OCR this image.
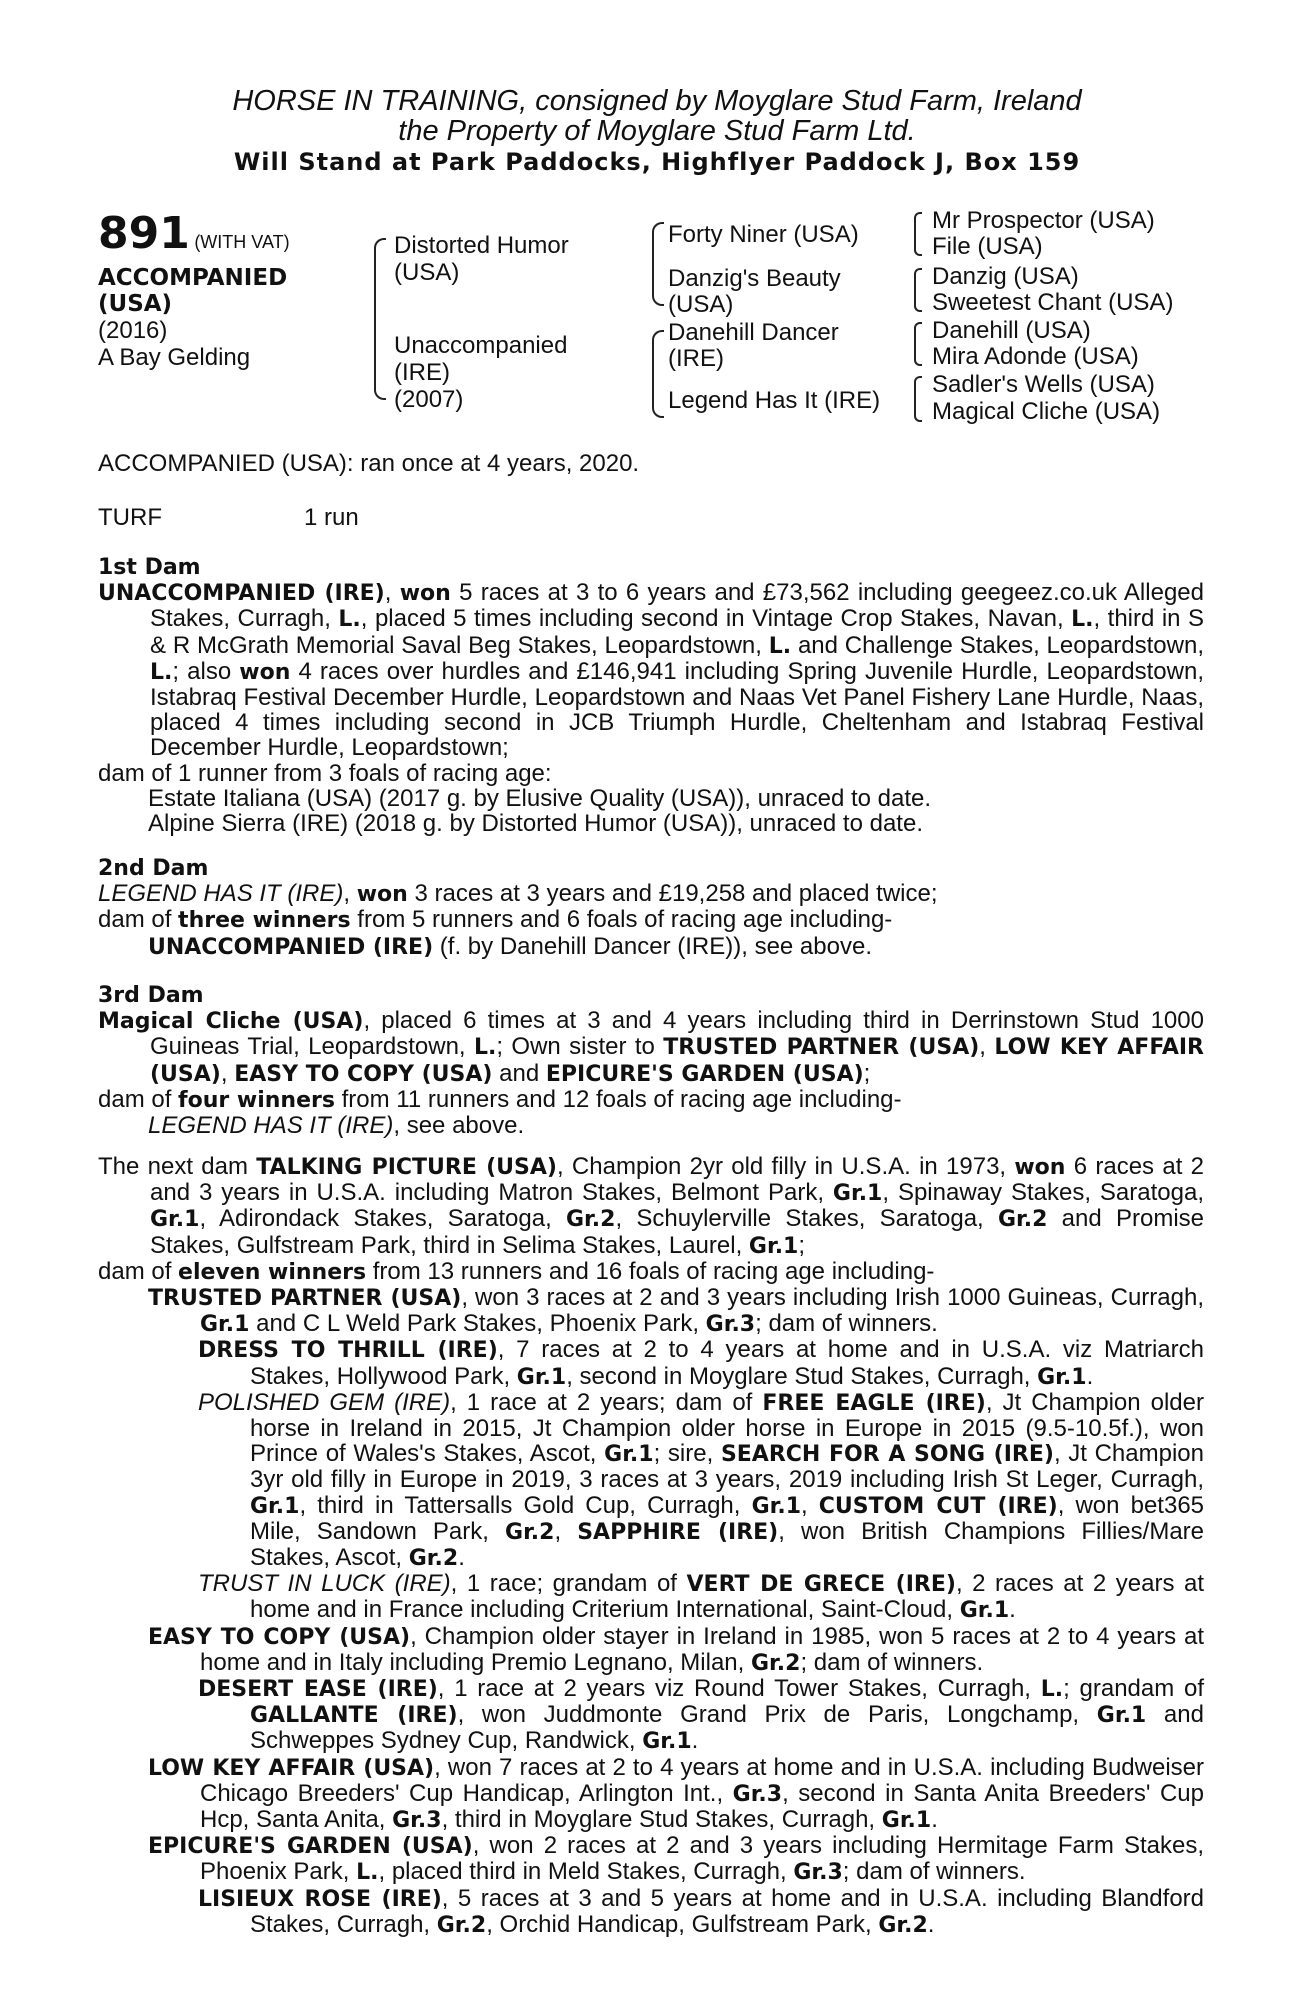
HORSE IN TRAINING, consigned by Moyglare Stud Farm, Ireland
the Property of Moyglare Stud Farm Ltd.
Will Stand at Park Paddocks, Highflyer Paddock J, Box 159
891 (WITH VAT)
ACCOMPANIED
(USA)
(2016)
A Bay Gelding
Distorted Humor
(USA)
Unaccompanied
(IRE)
(2007)
Forty Niner (USA)
Danzig's Beauty
(USA)
Danehill Dancer
(IRE)
Legend Has It (IRE)
Mr Prospector (USA)
File (USA)
Danzig (USA)
Sweetest Chant (USA)
Danehill (USA)
Mira Adonde (USA)
Sadler's Wells (USA)
Magical Cliche (USA)
ACCOMPANIED (USA): ran once at 4 years, 2020.
TURF	1 run

1st Dam

UNACCOMPANIED (IRE), won 5 races at 3 to 6 years and £73,562 including geegeez.co.uk Alleged Stakes, Curragh, L., placed 5 times including second in Vintage Crop Stakes, Navan, L., third in S & R McGrath Memorial Saval Beg Stakes, Leopardstown, L. and Challenge Stakes, Leopardstown, L.; also won 4 races over hurdles and £146,941 including Spring Juvenile Hurdle, Leopardstown, Istabraq Festival December Hurdle, Leopardstown and Naas Vet Panel Fishery Lane Hurdle, Naas, placed 4 times including second in JCB Triumph Hurdle, Cheltenham and Istabraq Festival December Hurdle, Leopardstown;

dam of 1 runner from 3 foals of racing age:

Estate Italiana (USA) (2017 g. by Elusive Quality (USA)), unraced to date.

Alpine Sierra (IRE) (2018 g. by Distorted Humor (USA)), unraced to date.

2nd Dam

LEGEND HAS IT (IRE), won 3 races at 3 years and £19,258 and placed twice;

dam of three winners from 5 runners and 6 foals of racing age including-

UNACCOMPANIED (IRE) (f. by Danehill Dancer (IRE)), see above.

3rd Dam

Magical Cliche (USA), placed 6 times at 3 and 4 years including third in Derrinstown Stud 1000 Guineas Trial, Leopardstown, L.; Own sister to TRUSTED PARTNER (USA), LOW KEY AFFAIR (USA), EASY TO COPY (USA) and EPICURE'S GARDEN (USA);

dam of four winners from 11 runners and 12 foals of racing age including-

LEGEND HAS IT (IRE), see above.

The next dam TALKING PICTURE (USA), Champion 2yr old filly in U.S.A. in 1973, won 6 races at 2 and 3 years in U.S.A. including Matron Stakes, Belmont Park, Gr.1, Spinaway Stakes, Saratoga, Gr.1, Adirondack Stakes, Saratoga, Gr.2, Schuylerville Stakes, Saratoga, Gr.2 and Promise Stakes, Gulfstream Park, third in Selima Stakes, Laurel, Gr.1;

dam of eleven winners from 13 runners and 16 foals of racing age including-

TRUSTED PARTNER (USA), won 3 races at 2 and 3 years including Irish 1000 Guineas, Curragh, Gr.1 and C L Weld Park Stakes, Phoenix Park, Gr.3; dam of winners.

DRESS TO THRILL (IRE), 7 races at 2 to 4 years at home and in U.S.A. viz Matriarch Stakes, Hollywood Park, Gr.1, second in Moyglare Stud Stakes, Curragh, Gr.1.

POLISHED GEM (IRE), 1 race at 2 years; dam of FREE EAGLE (IRE), Jt Champion older horse in Ireland in 2015, Jt Champion older horse in Europe in 2015 (9.5-10.5f.), won Prince of Wales's Stakes, Ascot, Gr.1; sire, SEARCH FOR A SONG (IRE), Jt Champion 3yr old filly in Europe in 2019, 3 races at 3 years, 2019 including Irish St Leger, Curragh, Gr.1, third in Tattersalls Gold Cup, Curragh, Gr.1, CUSTOM CUT (IRE), won bet365 Mile, Sandown Park, Gr.2, SAPPHIRE (IRE), won British Champions Fillies/Mare Stakes, Ascot, Gr.2.

TRUST IN LUCK (IRE), 1 race; grandam of VERT DE GRECE (IRE), 2 races at 2 years at home and in France including Criterium International, Saint-Cloud, Gr.1.

EASY TO COPY (USA), Champion older stayer in Ireland in 1985, won 5 races at 2 to 4 years at home and in Italy including Premio Legnano, Milan, Gr.2; dam of winners.

DESERT EASE (IRE), 1 race at 2 years viz Round Tower Stakes, Curragh, L.; grandam of GALLANTE (IRE), won Juddmonte Grand Prix de Paris, Longchamp, Gr.1 and Schweppes Sydney Cup, Randwick, Gr.1.

LOW KEY AFFAIR (USA), won 7 races at 2 to 4 years at home and in U.S.A. including Budweiser Chicago Breeders' Cup Handicap, Arlington Int., Gr.3, second in Santa Anita Breeders' Cup Hcp, Santa Anita, Gr.3, third in Moyglare Stud Stakes, Curragh, Gr.1.

EPICURE'S GARDEN (USA), won 2 races at 2 and 3 years including Hermitage Farm Stakes, Phoenix Park, L., placed third in Meld Stakes, Curragh, Gr.3; dam of winners.

LISIEUX ROSE (IRE), 5 races at 3 and 5 years at home and in U.S.A. including Blandford Stakes, Curragh, Gr.2, Orchid Handicap, Gulfstream Park, Gr.2.
